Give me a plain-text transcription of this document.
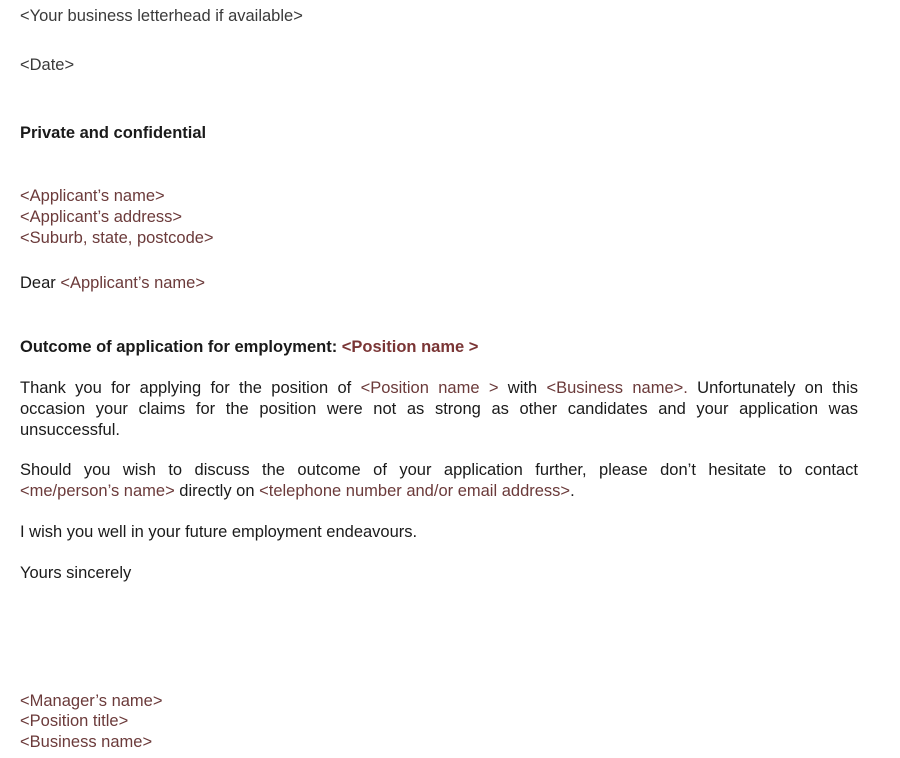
<Your business letterhead if available>
<Date>
Private and confidential
<Applicant’s name>
<Applicant’s address>
<Suburb, state, postcode>
Dear <Applicant’s name>
Outcome of application for employment: <Position name >
Thank you for applying for the position of <Position name > with <Business name>. Unfortunately on this
occasion your claims for the position were not as strong as other candidates and your application was
unsuccessful.
Should you wish to discuss the outcome of your application further, please don’t hesitate to contact
<me/person’s name> directly on <telephone number and/or email address>.
I wish you well in your future employment endeavours.
Yours sincerely
<Manager’s name>
<Position title>
<Business name>
